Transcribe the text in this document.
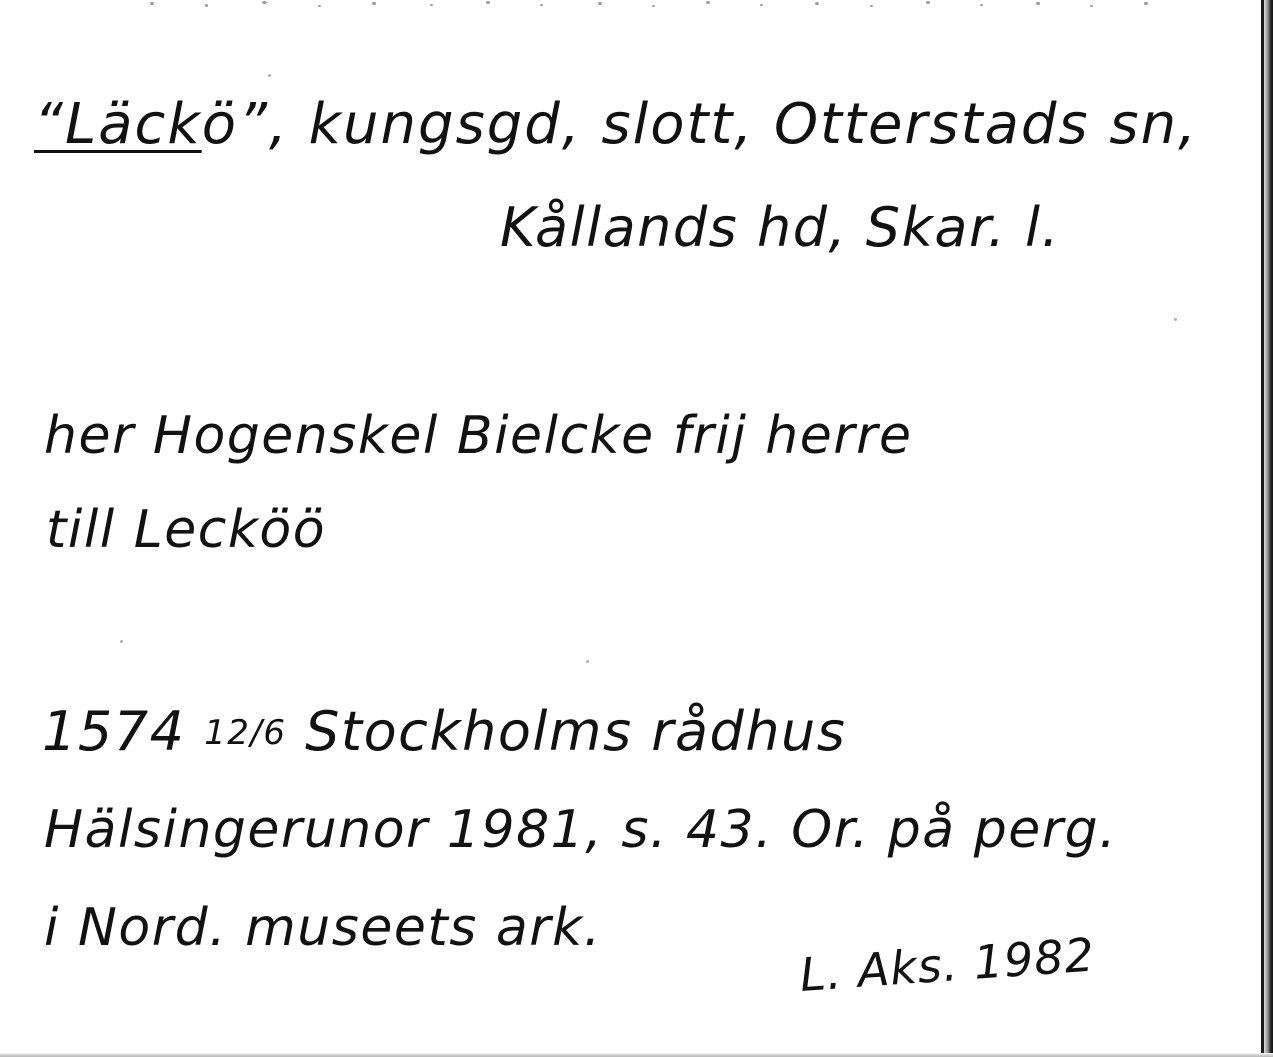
“Läckö”, kungsgd, slott, Otterstads sn,
Kållands hd, Skar. l.
her Hogenskel Bielcke frij herre
till Lecköö
1574 12/6 Stockholms rådhus
Hälsingerunor 1981, s. 43. Or. på perg.
i Nord. museets ark.	L. Aks. 1982
